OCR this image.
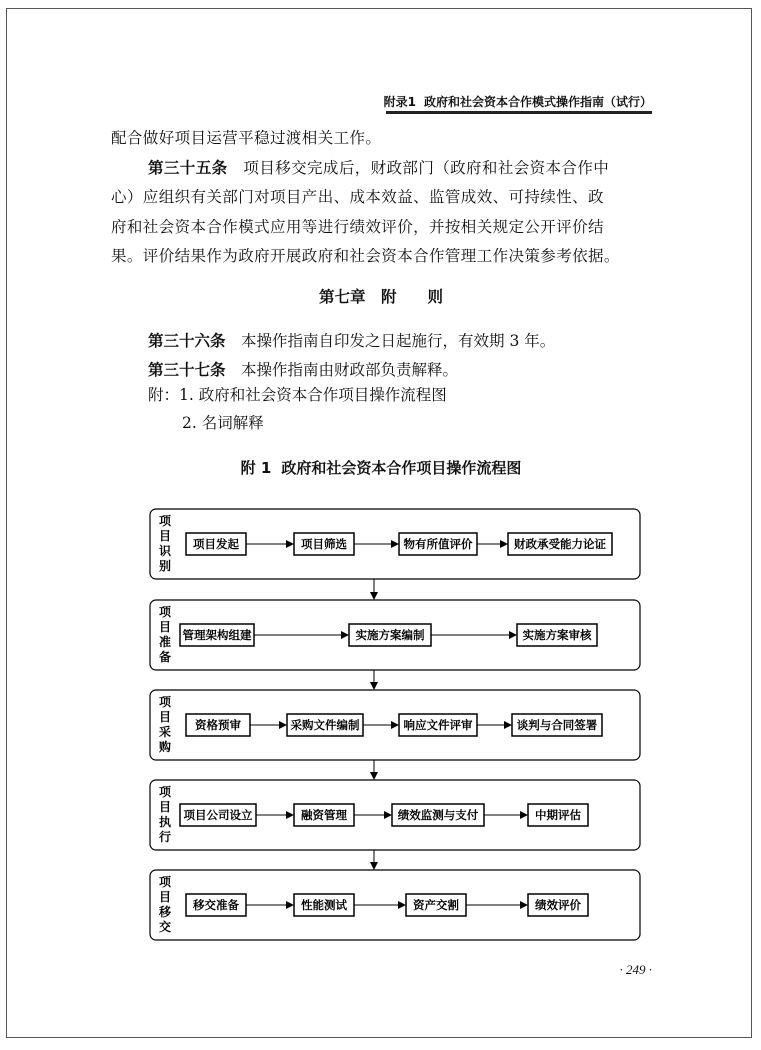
附录1 政府和社会资本合作模式操作指南（试行）

配合做好项目运营平稳过渡相关工作。

第三十五条　 项目移交完成后，财政部门（政府和社会资本合作中

心）应组织有关部门对项目产出、成本效益、监管成效、可持续性、政

府和社会资本合作模式应用等进行绩效评价，并按相关规定公开评价结

果。评价结果作为政府开展政府和社会资本合作管理工作决策参考依据。

第七章　附　　则

第三十六条　 本操作指南自印发之日起施行，有效期 3 年。

第三十七条　 本操作指南由财政部负责解释。

附：1. 政府和社会资本合作项目操作流程图

2. 名词解释

附 1 政府和社会资本合作项目操作流程图
项
目
识
别
项目发起	项目筛选	物有所值评价	财政承受能力论证
项
目
准
备
管理架构组建	实施方案编制	实施方案审核
项
目
采
购
资格预审	采购文件编制	响应文件评审	谈判与合同签署
项
目
执
行
项目公司设立	融资管理	绩效监测与支付	中期评估
项
目
移
交
移交准备	性能测试	资产交割	绩效评价
· 249 ·
